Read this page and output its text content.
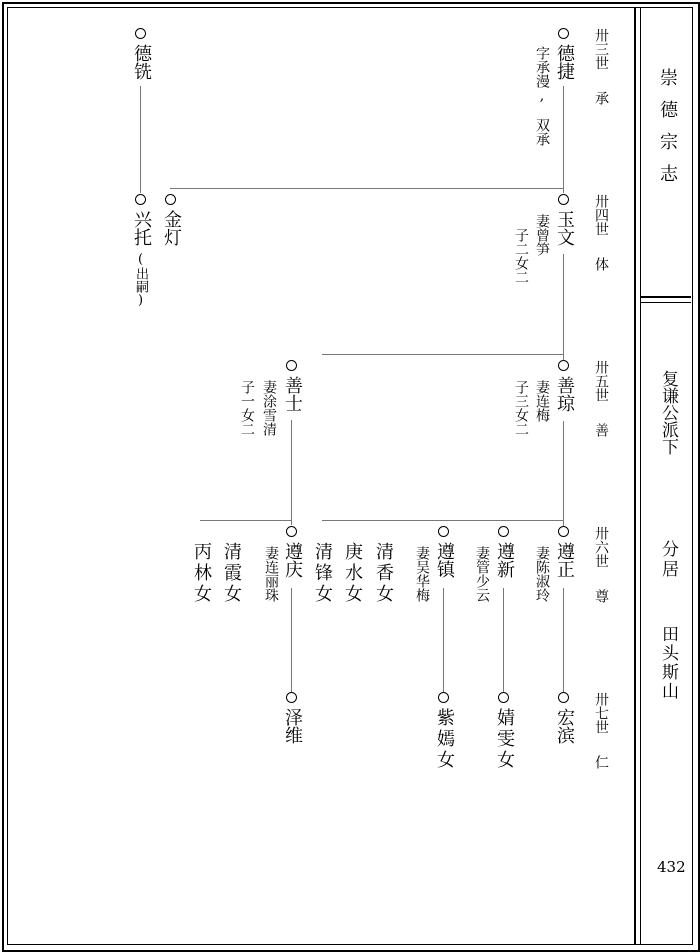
崇德宗志
复谦公派下
分居
田头斯山
432
卅三世
承
卅四世
体
卅五世
善
卅六世
尊
卅七世
仁
德捷
字承漫,
双承
德铣
玉文
妻曾笋
子二女二
金灯
兴托
(出嗣)
善琼
妻连梅
子三女二
善士
妻涂雪清
子一女二
遵正
妻陈淑玲
遵新
妻管少云
遵镇
妻吴华梅
清香女
庚水女
清锋女
遵庆
妻连丽珠
清霞女
丙林女
宏滨
婧雯女
紫嫣女
泽维
